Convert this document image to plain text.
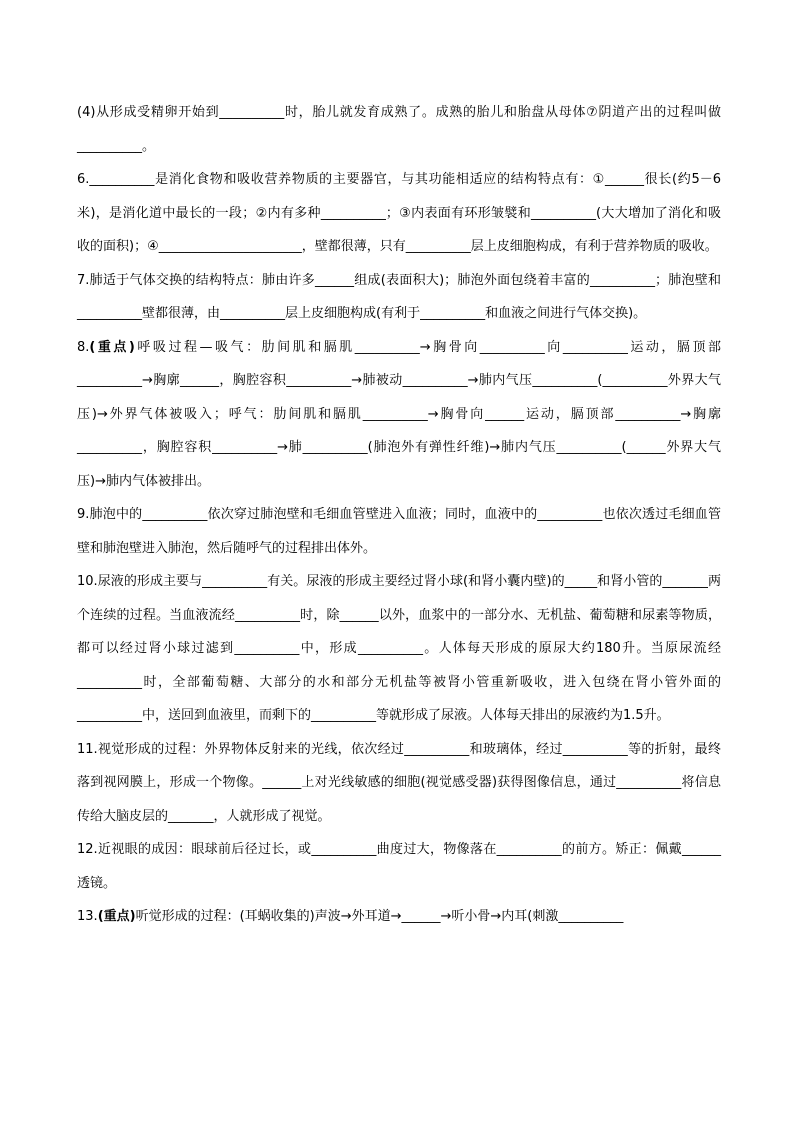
(4)从形成受精卵开始到__________时，胎儿就发育成熟了。成熟的胎儿和胎盘从母体⑦阴道产出的过程叫做__________。

6.__________是消化食物和吸收营养物质的主要器官，与其功能相适应的结构特点有：①______很长(约5－6米)，是消化道中最长的一段；②内有多种__________；③内表面有环形皱襞和__________(大大增加了消化和吸收的面积)；④______________________，壁都很薄，只有__________层上皮细胞构成，有利于营养物质的吸收。

7.肺适于气体交换的结构特点：肺由许多______组成(表面积大)；肺泡外面包绕着丰富的__________；肺泡壁和__________壁都很薄，由__________层上皮细胞构成(有利于__________和血液之间进行气体交换)。

8.(重点)呼吸过程—吸气：肋间肌和膈肌__________→胸骨向__________向__________运动，膈顶部__________→胸廓______，胸腔容积__________→肺被动__________→肺内气压__________(__________外界大气压)→外界气体被吸入；呼气：肋间肌和膈肌__________→胸骨向______运动，膈顶部__________→胸廓__________，胸腔容积__________→肺__________(肺泡外有弹性纤维)→肺内气压__________(______外界大气压)→肺内气体被排出。

9.肺泡中的__________依次穿过肺泡壁和毛细血管壁进入血液；同时，血液中的__________也依次透过毛细血管壁和肺泡壁进入肺泡，然后随呼气的过程排出体外。

10.尿液的形成主要与__________有关。尿液的形成主要经过肾小球(和肾小囊内壁)的_____和肾小管的_______两个连续的过程。当血液流经__________时，除______以外，血浆中的一部分水、无机盐、葡萄糖和尿素等物质，都可以经过肾小球过滤到__________中，形成__________。人体每天形成的原尿大约180升。当原尿流经__________时，全部葡萄糖、大部分的水和部分无机盐等被肾小管重新吸收，进入包绕在肾小管外面的__________中，送回到血液里，而剩下的__________等就形成了尿液。人体每天排出的尿液约为1.5升。

11.视觉形成的过程：外界物体反射来的光线，依次经过__________和玻璃体，经过__________等的折射，最终落到视网膜上，形成一个物像。______上对光线敏感的细胞(视觉感受器)获得图像信息，通过__________将信息传给大脑皮层的_______，人就形成了视觉。

12.近视眼的成因：眼球前后径过长，或__________曲度过大，物像落在__________的前方。矫正：佩戴______透镜。

13.(重点)听觉形成的过程：(耳蜗收集的)声波→外耳道→______→听小骨→内耳(刺激__________
